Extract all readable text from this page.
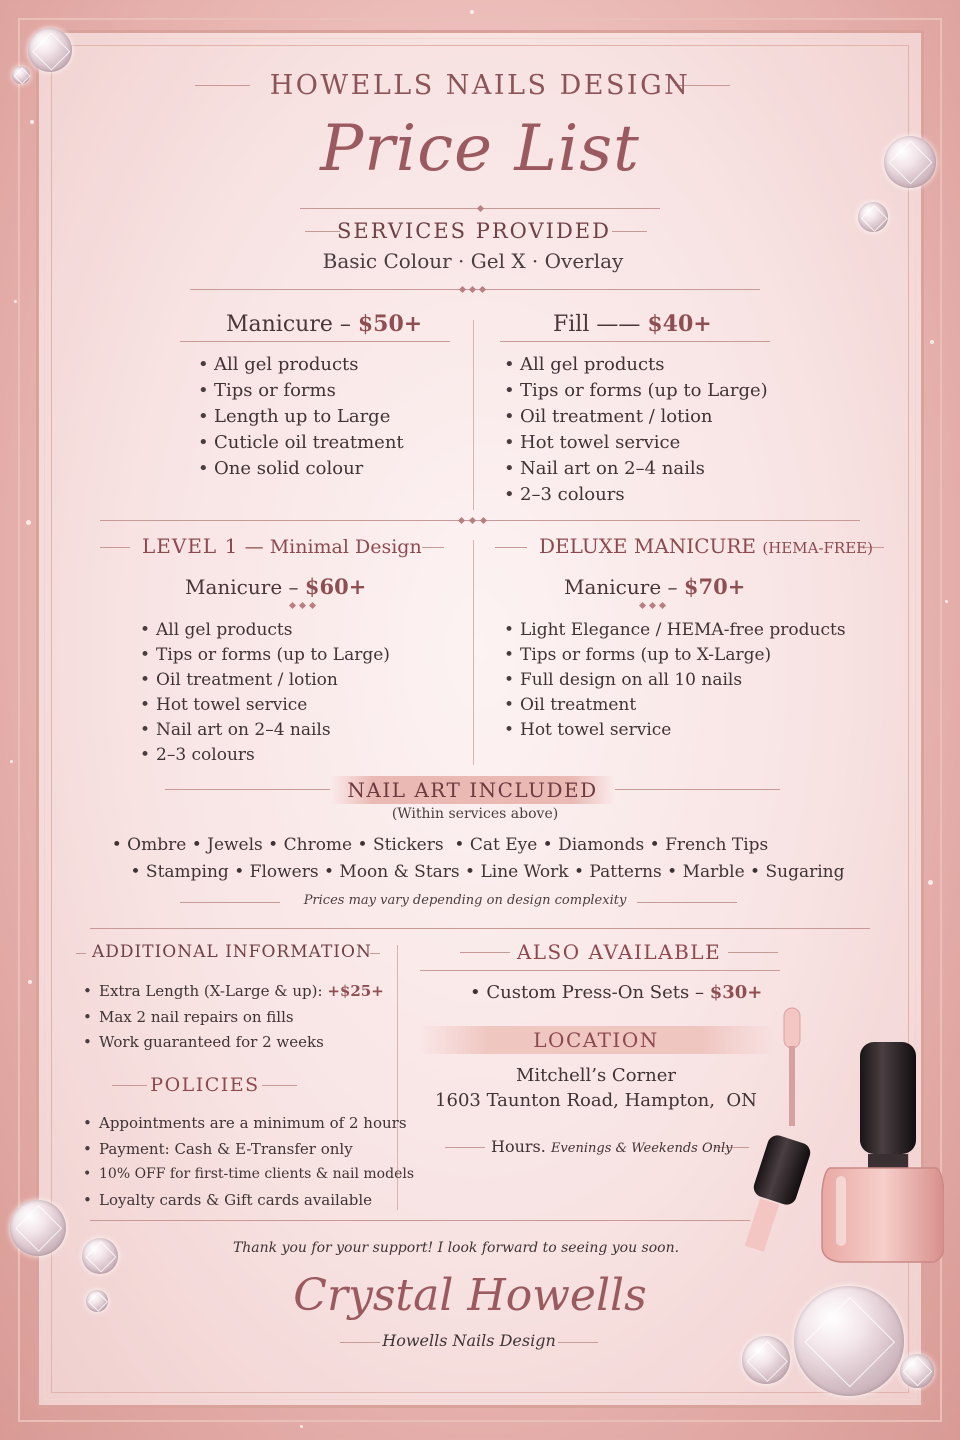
HOWELLS NAILS DESIGN
Price List
SERVICES PROVIDED
Basic Colour · Gel X · Overlay
Manicure – $50+
• All gel products
• Tips or forms
• Length up to Large
• Cuticle oil treatment
• One solid colour
Fill —— $40+
• All gel products
• Tips or forms (up to Large)
• Oil treatment / lotion
• Hot towel service
• Nail art on 2–4 nails
• 2–3 colours
LEVEL 1 — Minimal Design
Manicure – $60+
• All gel products
• Tips or forms (up to Large)
• Oil treatment / lotion
• Hot towel service
• Nail art on 2–4 nails
• 2–3 colours
DELUXE MANICURE (HEMA-FREE)
Manicure – $70+
• Light Elegance / HEMA-free products
• Tips or forms (up to X-Large)
• Full design on all 10 nails
• Oil treatment
• Hot towel service
NAIL ART INCLUDED
(Within services above)
• Ombre • Jewels • Chrome • Stickers  • Cat Eye • Diamonds • French Tips
• Stamping • Flowers • Moon & Stars • Line Work • Patterns • Marble • Sugaring
Prices may vary depending on design complexity
ADDITIONAL INFORMATION
• Extra Length (X-Large & up): +$25+
• Max 2 nail repairs on fills
• Work guaranteed for 2 weeks
POLICIES
• Appointments are a minimum of 2 hours
• Payment: Cash & E-Transfer only
• 10% OFF for first-time clients & nail models
• Loyalty cards & Gift cards available
ALSO AVAILABLE
• Custom Press-On Sets – $30+
LOCATION
Mitchell’s Corner
1603 Taunton Road, Hampton,  ON
Hours. Evenings & Weekends Only
Thank you for your support! I look forward to seeing you soon.
Crystal Howells
Howells Nails Design
